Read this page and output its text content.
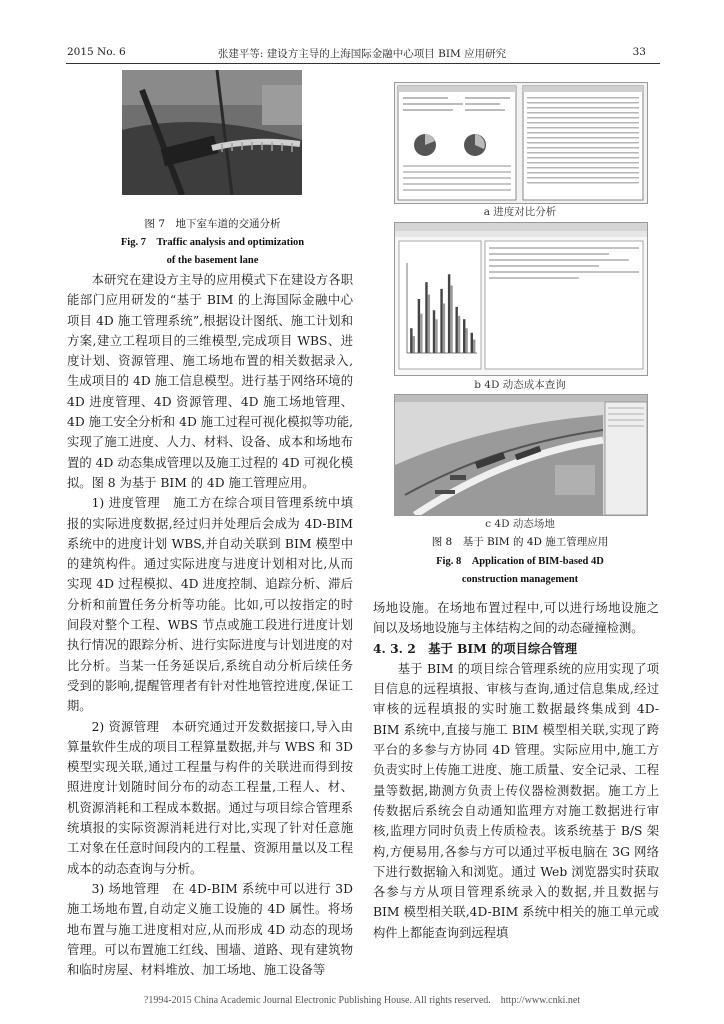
2015 No. 6	张建平等: 建设方主导的上海国际金融中心项目 BIM 应用研究	33
图 7　地下室车道的交通分析
Fig. 7　Traffic analysis and optimization
of the basement lane
a 进度对比分析
b 4D 动态成本查询
c 4D 动态场地
图 8　基于 BIM 的 4D 施工管理应用
Fig. 8　Application of BIM-based 4D
construction management

本研究在建设方主导的应用模式下在建设方各职能部门应用研发的“基于 BIM 的上海国际金融中心项目 4D 施工管理系统”,根据设计图纸、施工计划和方案,建立工程项目的三维模型,完成项目 WBS、进度计划、资源管理、施工场地布置的相关数据录入,生成项目的 4D 施工信息模型。进行基于网络环境的 4D 进度管理、4D 资源管理、4D 施工场地管理、4D 施工安全分析和 4D 施工过程可视化模拟等功能,实现了施工进度、人力、材料、设备、成本和场地布置的 4D 动态集成管理以及施工过程的 4D 可视化模拟。图 8 为基于 BIM 的 4D 施工管理应用。

1) 进度管理　施工方在综合项目管理系统中填报的实际进度数据,经过归并处理后会成为 4D-BIM 系统中的进度计划 WBS,并自动关联到 BIM 模型中的建筑构件。通过实际进度与进度计划相对比,从而实现 4D 过程模拟、4D 进度控制、追踪分析、滞后分析和前置任务分析等功能。比如,可以按指定的时间段对整个工程、WBS 节点或施工段进行进度计划执行情况的跟踪分析、进行实际进度与计划进度的对比分析。当某一任务延误后,系统自动分析后续任务受到的影响,提醒管理者有针对性地管控进度,保证工期。

2) 资源管理　本研究通过开发数据接口,导入由算量软件生成的项目工程算量数据,并与 WBS 和 3D 模型实现关联,通过工程量与构件的关联进而得到按照进度计划随时间分布的动态工程量,工程人、材、机资源消耗和工程成本数据。通过与项目综合管理系统填报的实际资源消耗进行对比,实现了针对任意施工对象在任意时间段内的工程量、资源用量以及工程成本的动态查询与分析。

3) 场地管理　在 4D-BIM 系统中可以进行 3D 施工场地布置,自动定义施工设施的 4D 属性。将场地布置与施工进度相对应,从而形成 4D 动态的现场管理。可以布置施工红线、围墙、道路、现有建筑物和临时房屋、材料堆放、加工场地、施工设备等

场地设施。在场地布置过程中,可以进行场地设施之间以及场地设施与主体结构之间的动态碰撞检测。

4. 3. 2　基于 BIM 的项目综合管理

基于 BIM 的项目综合管理系统的应用实现了项目信息的远程填报、审核与查询,通过信息集成,经过审核的远程填报的实时施工数据最终集成到 4D-BIM 系统中,直接与施工 BIM 模型相关联,实现了跨平台的多参与方协同 4D 管理。实际应用中,施工方负责实时上传施工进度、施工质量、安全记录、工程量等数据,勘测方负责上传仪器检测数据。施工方上传数据后系统会自动通知监理方对施工数据进行审核,监理方同时负责上传质检表。该系统基于 B/S 架构,方便易用,各参与方可以通过平板电脑在 3G 网络下进行数据输入和浏览。通过 Web 浏览器实时获取各参与方从项目管理系统录入的数据,并且数据与 BIM 模型相关联,4D-BIM 系统中相关的施工单元或构件上都能查询到远程填

?1994-2015 China Academic Journal Electronic Publishing House. All rights reserved.　http://www.cnki.net
